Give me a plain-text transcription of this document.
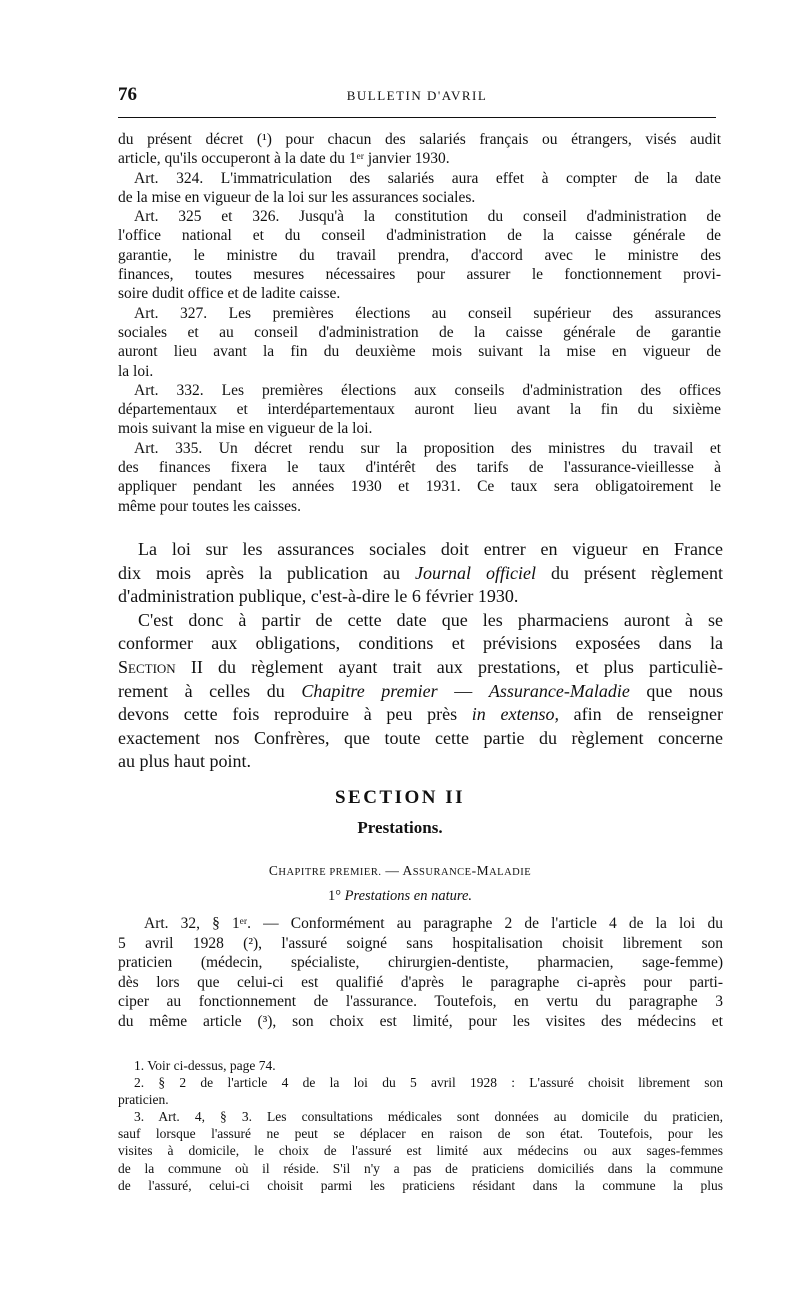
76	BULLETIN D'AVRIL
du présent décret (¹) pour chacun des salariés français ou étrangers, visés audit
article, qu'ils occuperont à la date du 1ᵉʳ janvier 1930.
Art. 324. L'immatriculation des salariés aura effet à compter de la date
de la mise en vigueur de la loi sur les assurances sociales.
Art. 325 et 326. Jusqu'à la constitution du conseil d'administration de
l'office national et du conseil d'administration de la caisse générale de
garantie, le ministre du travail prendra, d'accord avec le ministre des
finances, toutes mesures nécessaires pour assurer le fonctionnement provi-
soire dudit office et de ladite caisse.
Art. 327. Les premières élections au conseil supérieur des assurances
sociales et au conseil d'administration de la caisse générale de garantie
auront lieu avant la fin du deuxième mois suivant la mise en vigueur de
la loi.
Art. 332. Les premières élections aux conseils d'administration des offices
départementaux et interdépartementaux auront lieu avant la fin du sixième
mois suivant la mise en vigueur de la loi.
Art. 335. Un décret rendu sur la proposition des ministres du travail et
des finances fixera le taux d'intérêt des tarifs de l'assurance-vieillesse à
appliquer pendant les années 1930 et 1931. Ce taux sera obligatoirement le
même pour toutes les caisses.
La loi sur les assurances sociales doit entrer en vigueur en France
dix mois après la publication au Journal officiel du présent règlement
d'administration publique, c'est-à-dire le 6 février 1930.
C'est donc à partir de cette date que les pharmaciens auront à se
conformer aux obligations, conditions et prévisions exposées dans la
Section II du règlement ayant trait aux prestations, et plus particuliè-
rement à celles du Chapitre premier — Assurance-Maladie que nous
devons cette fois reproduire à peu près in extenso, afin de renseigner
exactement nos Confrères, que toute cette partie du règlement concerne
au plus haut point.
SECTION II
Prestations.
CHAPITRE PREMIER. — ASSURANCE-MALADIE
1° Prestations en nature.
Art. 32, § 1ᵉʳ. — Conformément au paragraphe 2 de l'article 4 de la loi du
5 avril 1928 (²), l'assuré soigné sans hospitalisation choisit librement son
praticien (médecin, spécialiste, chirurgien-dentiste, pharmacien, sage-femme)
dès lors que celui-ci est qualifié d'après le paragraphe ci-après pour parti-
ciper au fonctionnement de l'assurance. Toutefois, en vertu du paragraphe 3
du même article (³), son choix est limité, pour les visites des médecins et
1. Voir ci-dessus, page 74.
2. § 2 de l'article 4 de la loi du 5 avril 1928 : L'assuré choisit librement son
praticien.
3. Art. 4, § 3. Les consultations médicales sont données au domicile du praticien,
sauf lorsque l'assuré ne peut se déplacer en raison de son état. Toutefois, pour les
visites à domicile, le choix de l'assuré est limité aux médecins ou aux sages-femmes
de la commune où il réside. S'il n'y a pas de praticiens domiciliés dans la commune
de l'assuré, celui-ci choisit parmi les praticiens résidant dans la commune la plus
